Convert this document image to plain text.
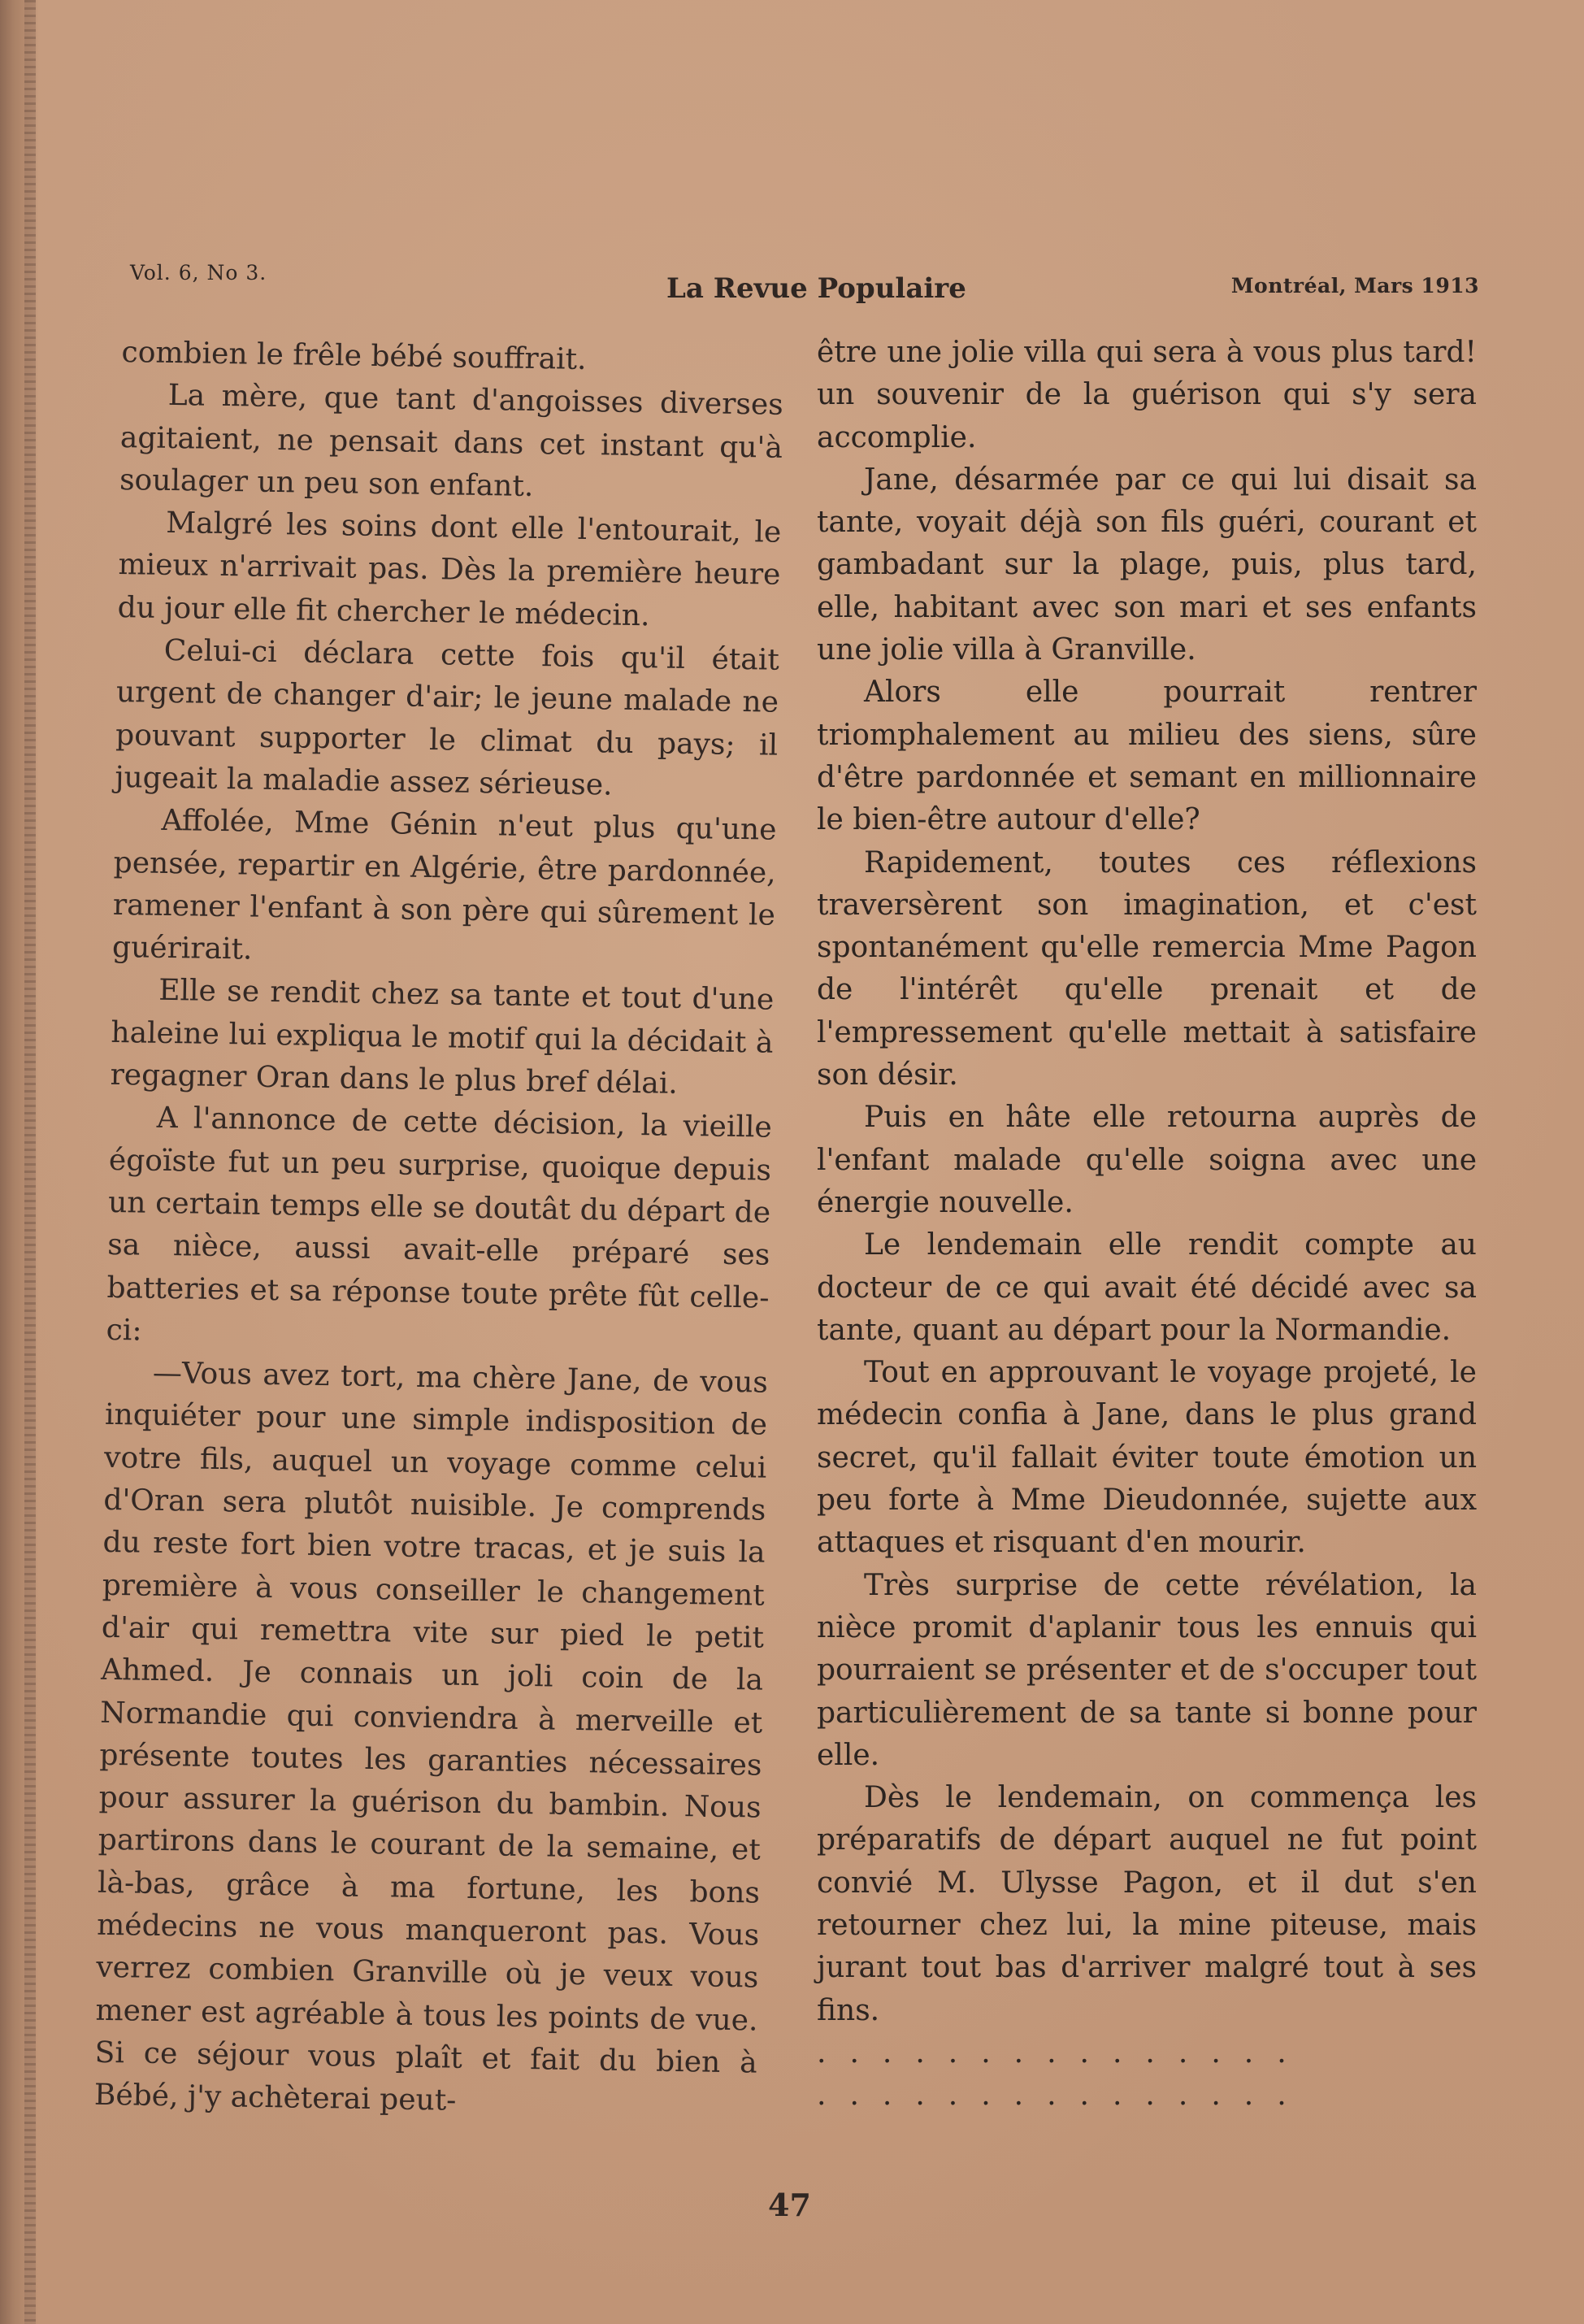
Vol. 6, No 3.	La Revue Populaire	Montréal, Mars 1913

combien le frêle bébé souffrait.

La mère, que tant d'angoisses diverses agitaient, ne pensait dans cet instant qu'à soulager un peu son enfant.

Malgré les soins dont elle l'entourait, le mieux n'arrivait pas. Dès la première heure du jour elle fit chercher le médecin.

Celui-ci déclara cette fois qu'il était urgent de changer d'air; le jeune malade ne pouvant supporter le climat du pays; il jugeait la maladie assez sérieuse.

Affolée, Mme Génin n'eut plus qu'une pensée, repartir en Algérie, être pardonnée, ramener l'enfant à son père qui sûrement le guérirait.

Elle se rendit chez sa tante et tout d'une haleine lui expliqua le motif qui la décidait à regagner Oran dans le plus bref délai.

A l'annonce de cette décision, la vieille égoïste fut un peu surprise, quoique depuis un certain temps elle se doutât du départ de sa nièce, aussi avait-elle préparé ses batteries et sa réponse toute prête fût celle-ci:

—Vous avez tort, ma chère Jane, de vous inquiéter pour une simple indisposition de votre fils, auquel un voyage comme celui d'Oran sera plutôt nuisible. Je comprends du reste fort bien votre tracas, et je suis la première à vous conseiller le changement d'air qui remettra vite sur pied le petit Ahmed. Je connais un joli coin de la Normandie qui conviendra à merveille et présente toutes les garanties nécessaires pour assurer la guérison du bambin. Nous partirons dans le courant de la semaine, et là-bas, grâce à ma fortune, les bons médecins ne vous manqueront pas. Vous verrez combien Granville où je veux vous mener est agréable à tous les points de vue. Si ce séjour vous plaît et fait du bien à Bébé, j'y achèterai peut-

être une jolie villa qui sera à vous plus tard! un souvenir de la guérison qui s'y sera accomplie.

Jane, désarmée par ce qui lui disait sa tante, voyait déjà son fils guéri, courant et gambadant sur la plage, puis, plus tard, elle, habitant avec son mari et ses enfants une jolie villa à Granville.

Alors elle pourrait rentrer triomphalement au milieu des siens, sûre d'être pardonnée et semant en millionnaire le bien-être autour d'elle?

Rapidement, toutes ces réflexions traversèrent son imagination, et c'est spontanément qu'elle remercia Mme Pagon de l'intérêt qu'elle prenait et de l'empressement qu'elle mettait à satisfaire son désir.

Puis en hâte elle retourna auprès de l'enfant malade qu'elle soigna avec une énergie nouvelle.

Le lendemain elle rendit compte au docteur de ce qui avait été décidé avec sa tante, quant au départ pour la Normandie.

Tout en approuvant le voyage projeté, le médecin confia à Jane, dans le plus grand secret, qu'il fallait éviter toute émotion un peu forte à Mme Dieudonnée, sujette aux attaques et risquant d'en mourir.

Très surprise de cette révélation, la nièce promit d'aplanir tous les ennuis qui pourraient se présenter et de s'occuper tout particulièrement de sa tante si bonne pour elle.

Dès le lendemain, on commença les préparatifs de départ auquel ne fut point convié M. Ulysse Pagon, et il dut s'en retourner chez lui, la mine piteuse, mais jurant tout bas d'arriver malgré tout à ses fins.

...............

...............

47
